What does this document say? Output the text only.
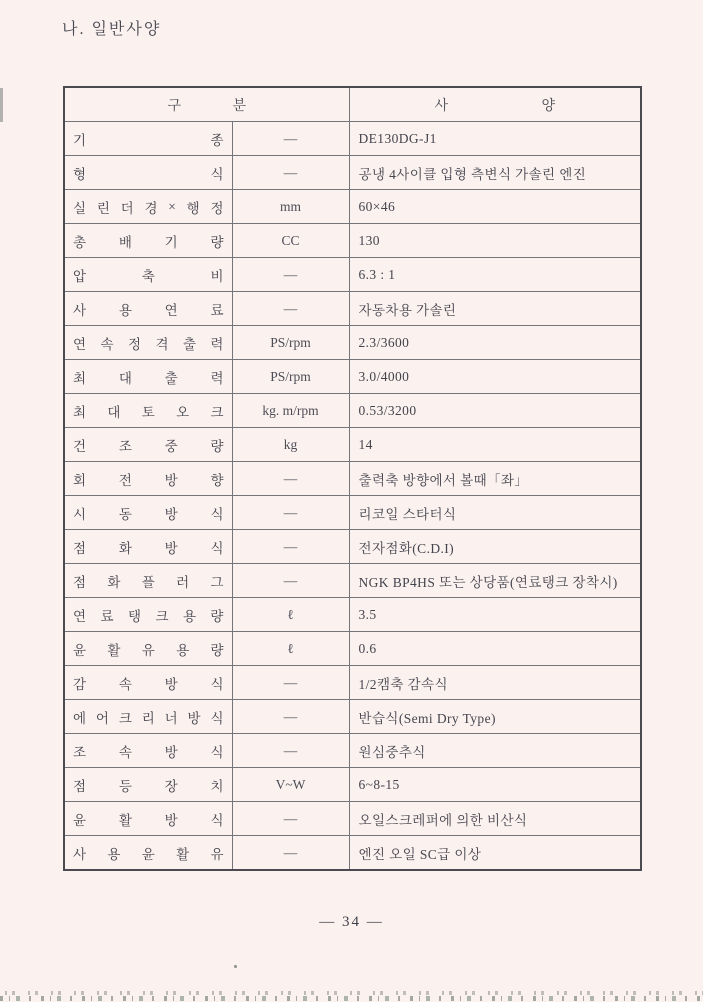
나. 일반사양
구 분		사 양

기 종	—	DE130DG-J1

형 식	—	공냉 4사이클 입형 측변식 가솔린 엔진

실 린 더 경 × 행 정	mm	60×46

총 배 기 량	CC	130

압 축 비	—	6.3 : 1

사 용 연 료	—	자동차용 가솔린

연 속 정 격 출 력	PS/rpm	2.3/3600

최 대 출 력	PS/rpm	3.0/4000

최 대 토 오 크	kg. m/rpm	0.53/3200

건 조 중 량	kg	14

회 전 방 향	—	출력축 방향에서 볼때「좌」

시 동 방 식	—	리코일 스타터식

점 화 방 식	—	전자점화(C.D.I)

점 화 플 러 그	—	NGK BP4HS 또는 상당품(연료탱크 장착시)

연 료 탱 크 용 량	ℓ	3.5

윤 활 유 용 량	ℓ	0.6

감 속 방 식	—	1/2캠축 감속식

에 어 크 리 너 방 식	—	반습식(Semi Dry Type)

조 속 방 식	—	원심중추식

점 등 장 치	V~W	6~8-15

윤 활 방 식	—	오일스크레퍼에 의한 비산식

사 용 윤 활 유	—	엔진 오일 SC급 이상
— 34 —
